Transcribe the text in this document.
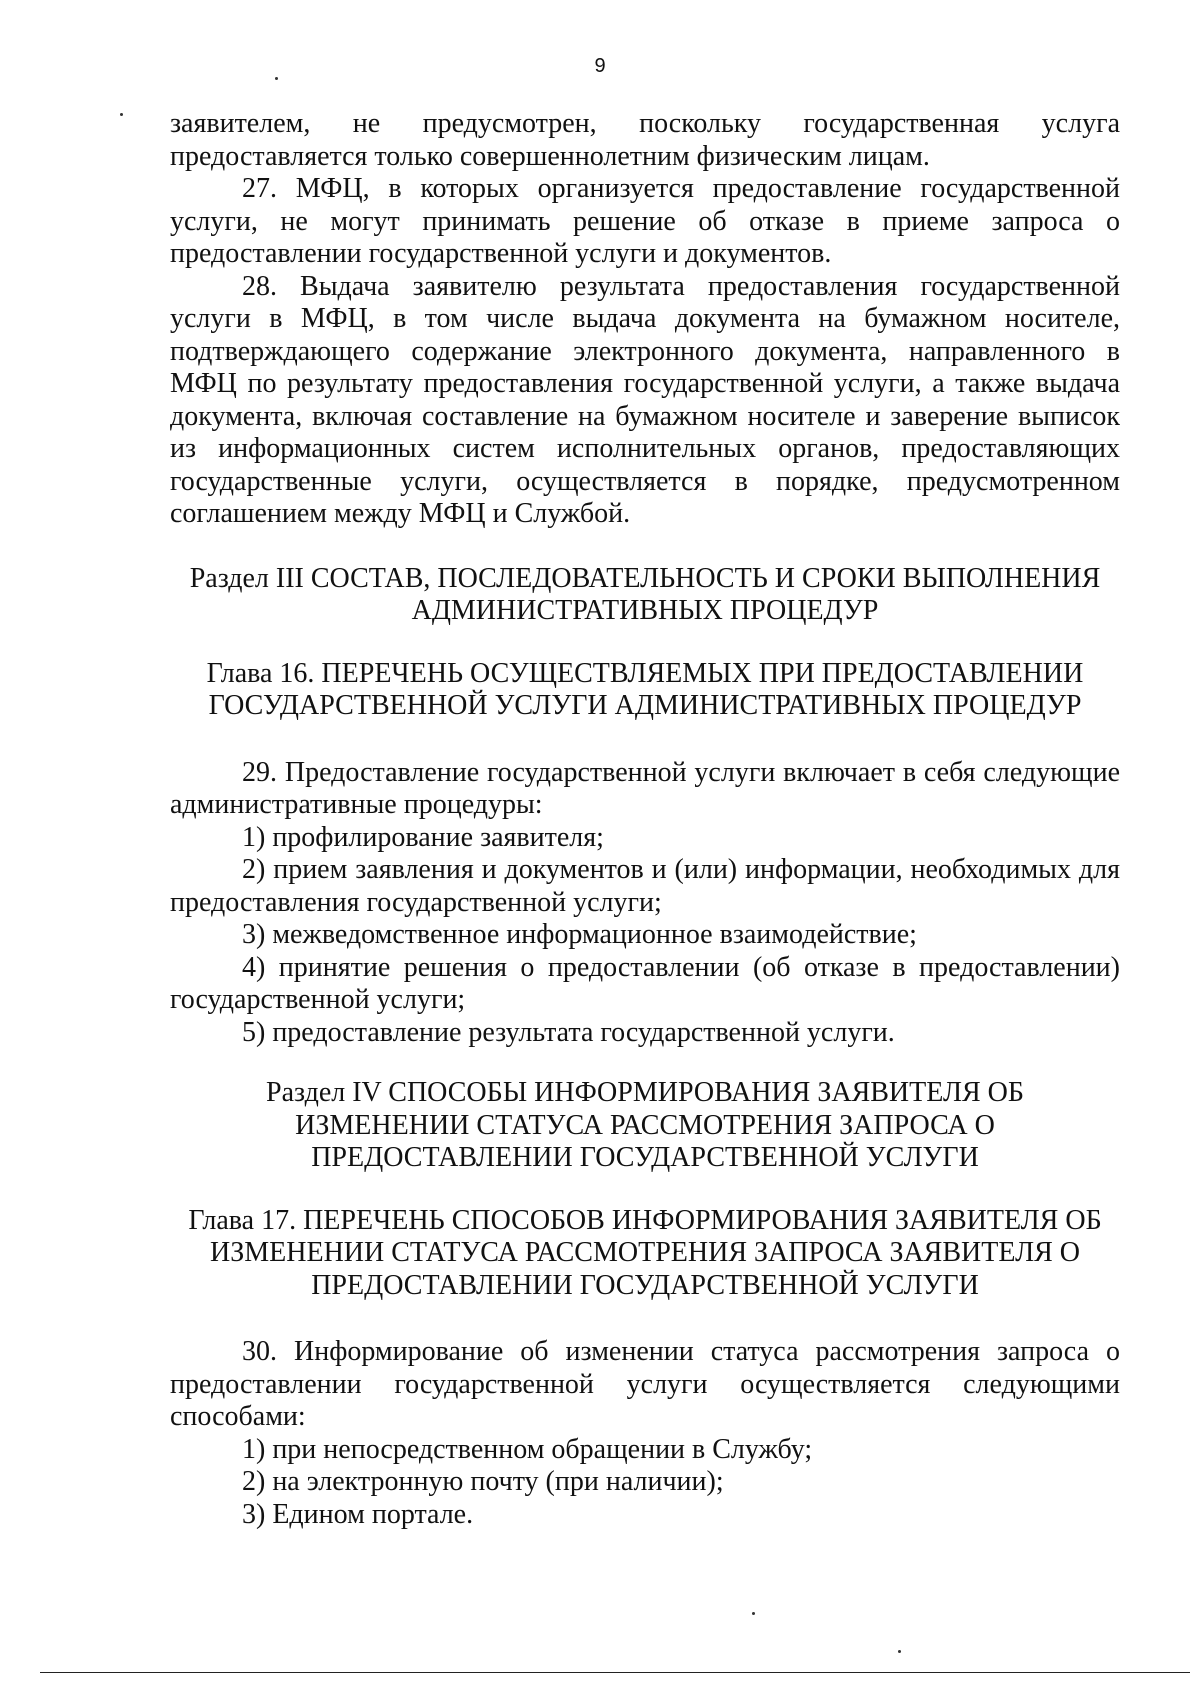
9

заявителем, не предусмотрен, поскольку государственная услуга предоставляется только совершеннолетним физическим лицам.

27. МФЦ, в которых организуется предоставление государственной услуги, не могут принимать решение об отказе в приеме запроса о предоставлении государственной услуги и документов.

28. Выдача заявителю результата предоставления государственной услуги в МФЦ, в том числе выдача документа на бумажном носителе, подтверждающего содержание электронного документа, направленного в МФЦ по результату предоставления государственной услуги, а также выдача документа, включая составление на бумажном носителе и заверение выписок из информационных систем исполнительных органов, предоставляющих государственные услуги, осуществляется в порядке, предусмотренном соглашением между МФЦ и Службой.

Раздел III СОСТАВ, ПОСЛЕДОВАТЕЛЬНОСТЬ И СРОКИ ВЫПОЛНЕНИЯ
АДМИНИСТРАТИВНЫХ ПРОЦЕДУР
Глава 16. ПЕРЕЧЕНЬ ОСУЩЕСТВЛЯЕМЫХ ПРИ ПРЕДОСТАВЛЕНИИ
ГОСУДАРСТВЕННОЙ УСЛУГИ АДМИНИСТРАТИВНЫХ ПРОЦЕДУР

29. Предоставление государственной услуги включает в себя следующие административные процедуры:

1) профилирование заявителя;

2) прием заявления и документов и (или) информации, необходимых для предоставления государственной услуги;

3) межведомственное информационное взаимодействие;

4) принятие решения о предоставлении (об отказе в предоставлении) государственной услуги;

5) предоставление результата государственной услуги.

Раздел IV СПОСОБЫ ИНФОРМИРОВАНИЯ ЗАЯВИТЕЛЯ ОБ
ИЗМЕНЕНИИ СТАТУСА РАССМОТРЕНИЯ ЗАПРОСА О
ПРЕДОСТАВЛЕНИИ ГОСУДАРСТВЕННОЙ УСЛУГИ
Глава 17. ПЕРЕЧЕНЬ СПОСОБОВ ИНФОРМИРОВАНИЯ ЗАЯВИТЕЛЯ ОБ
ИЗМЕНЕНИИ СТАТУСА РАССМОТРЕНИЯ ЗАПРОСА ЗАЯВИТЕЛЯ О
ПРЕДОСТАВЛЕНИИ ГОСУДАРСТВЕННОЙ УСЛУГИ

30. Информирование об изменении статуса рассмотрения запроса о предоставлении государственной услуги осуществляется следующими способами:

1) при непосредственном обращении в Службу;

2) на электронную почту (при наличии);

3) Едином портале.
